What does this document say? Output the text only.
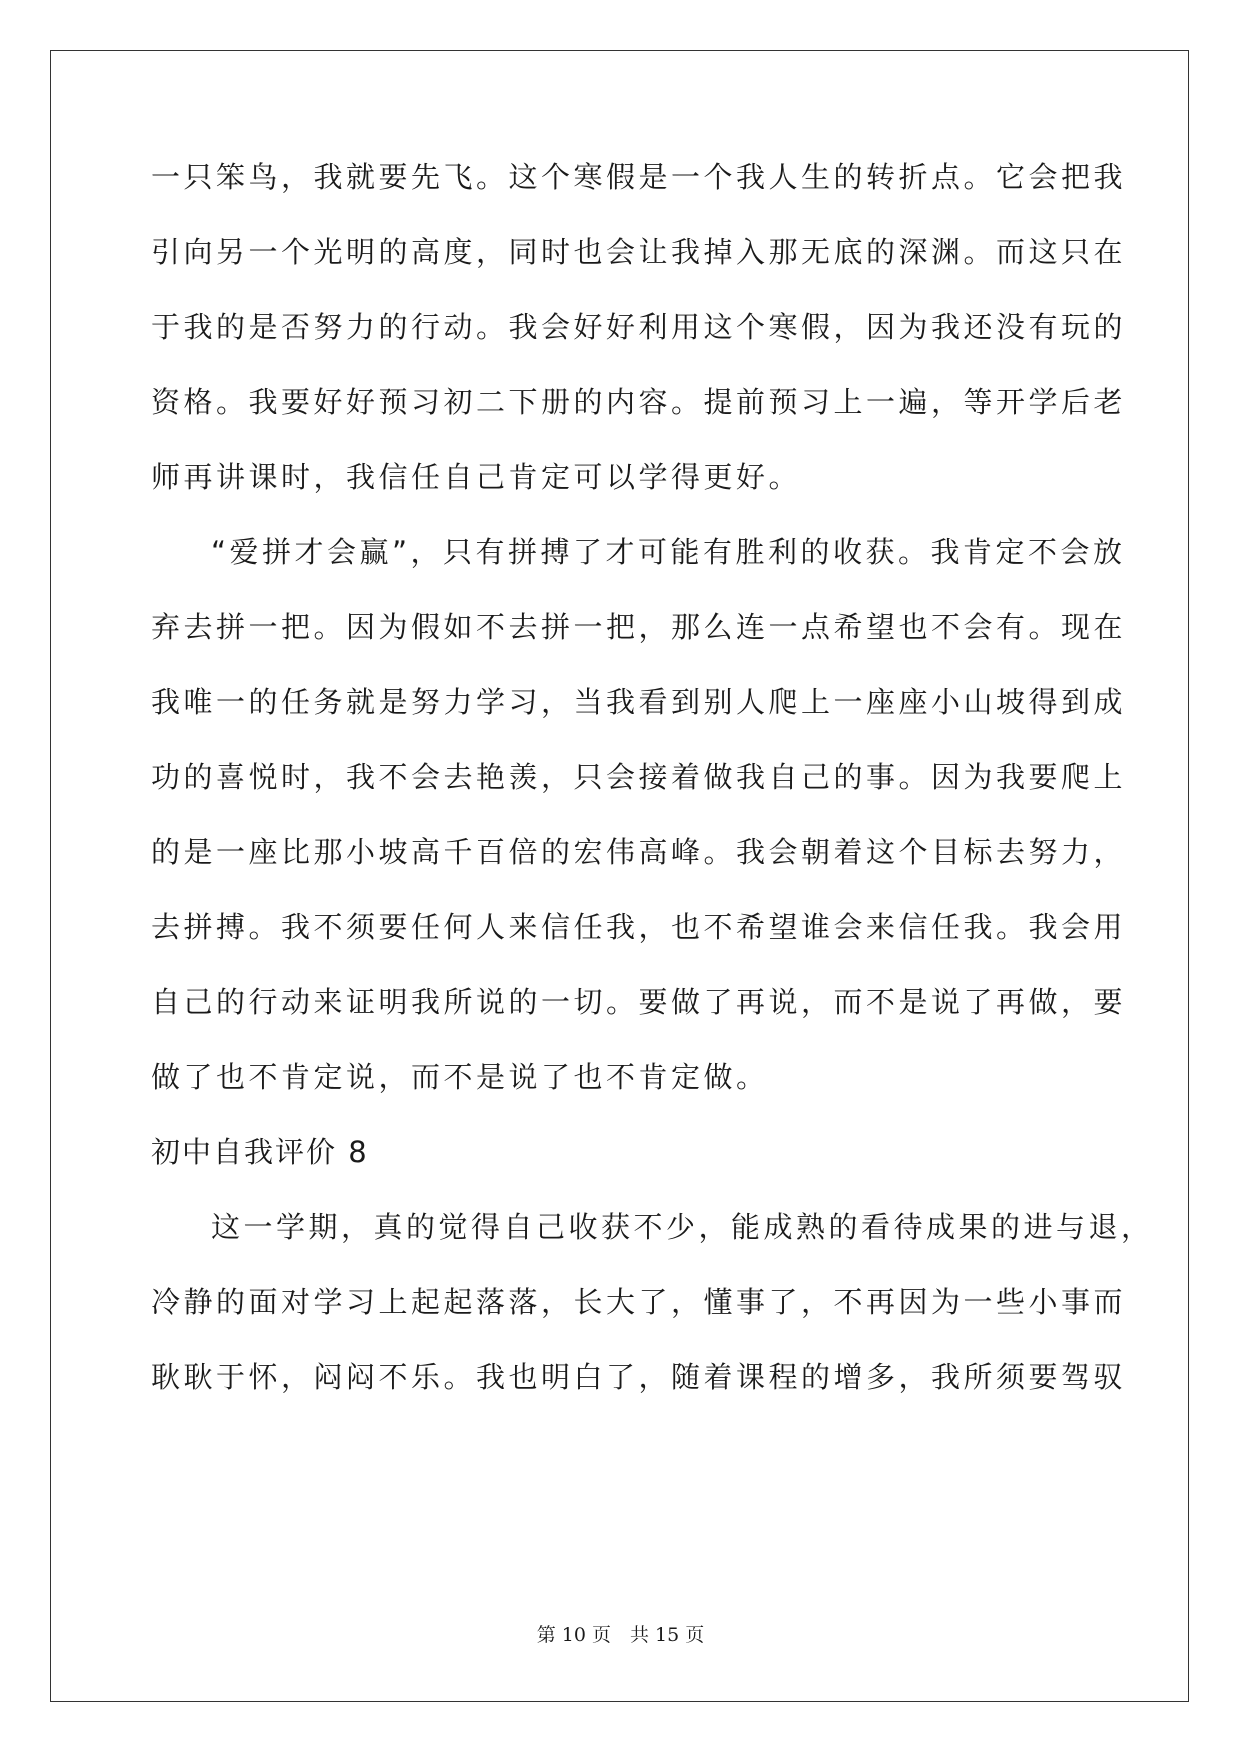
一只笨鸟，我就要先飞。这个寒假是一个我人生的转折点。它会把我
引向另一个光明的高度，同时也会让我掉入那无底的深渊。而这只在
于我的是否努力的行动。我会好好利用这个寒假，因为我还没有玩的
资格。我要好好预习初二下册的内容。提前预习上一遍，等开学后老
师再讲课时，我信任自己肯定可以学得更好。
“爱拼才会赢”，只有拼搏了才可能有胜利的收获。我肯定不会放
弃去拼一把。因为假如不去拼一把，那么连一点希望也不会有。现在
我唯一的任务就是努力学习，当我看到别人爬上一座座小山坡得到成
功的喜悦时，我不会去艳羡，只会接着做我自己的事。因为我要爬上
的是一座比那小坡高千百倍的宏伟高峰。我会朝着这个目标去努力，
去拼搏。我不须要任何人来信任我，也不希望谁会来信任我。我会用
自己的行动来证明我所说的一切。要做了再说，而不是说了再做，要
做了也不肯定说，而不是说了也不肯定做。
初中自我评价 8
这一学期，真的觉得自己收获不少，能成熟的看待成果的进与退，
冷静的面对学习上起起落落，长大了，懂事了，不再因为一些小事而
耿耿于怀，闷闷不乐。我也明白了，随着课程的增多，我所须要驾驭
第 10 页　共 15 页
